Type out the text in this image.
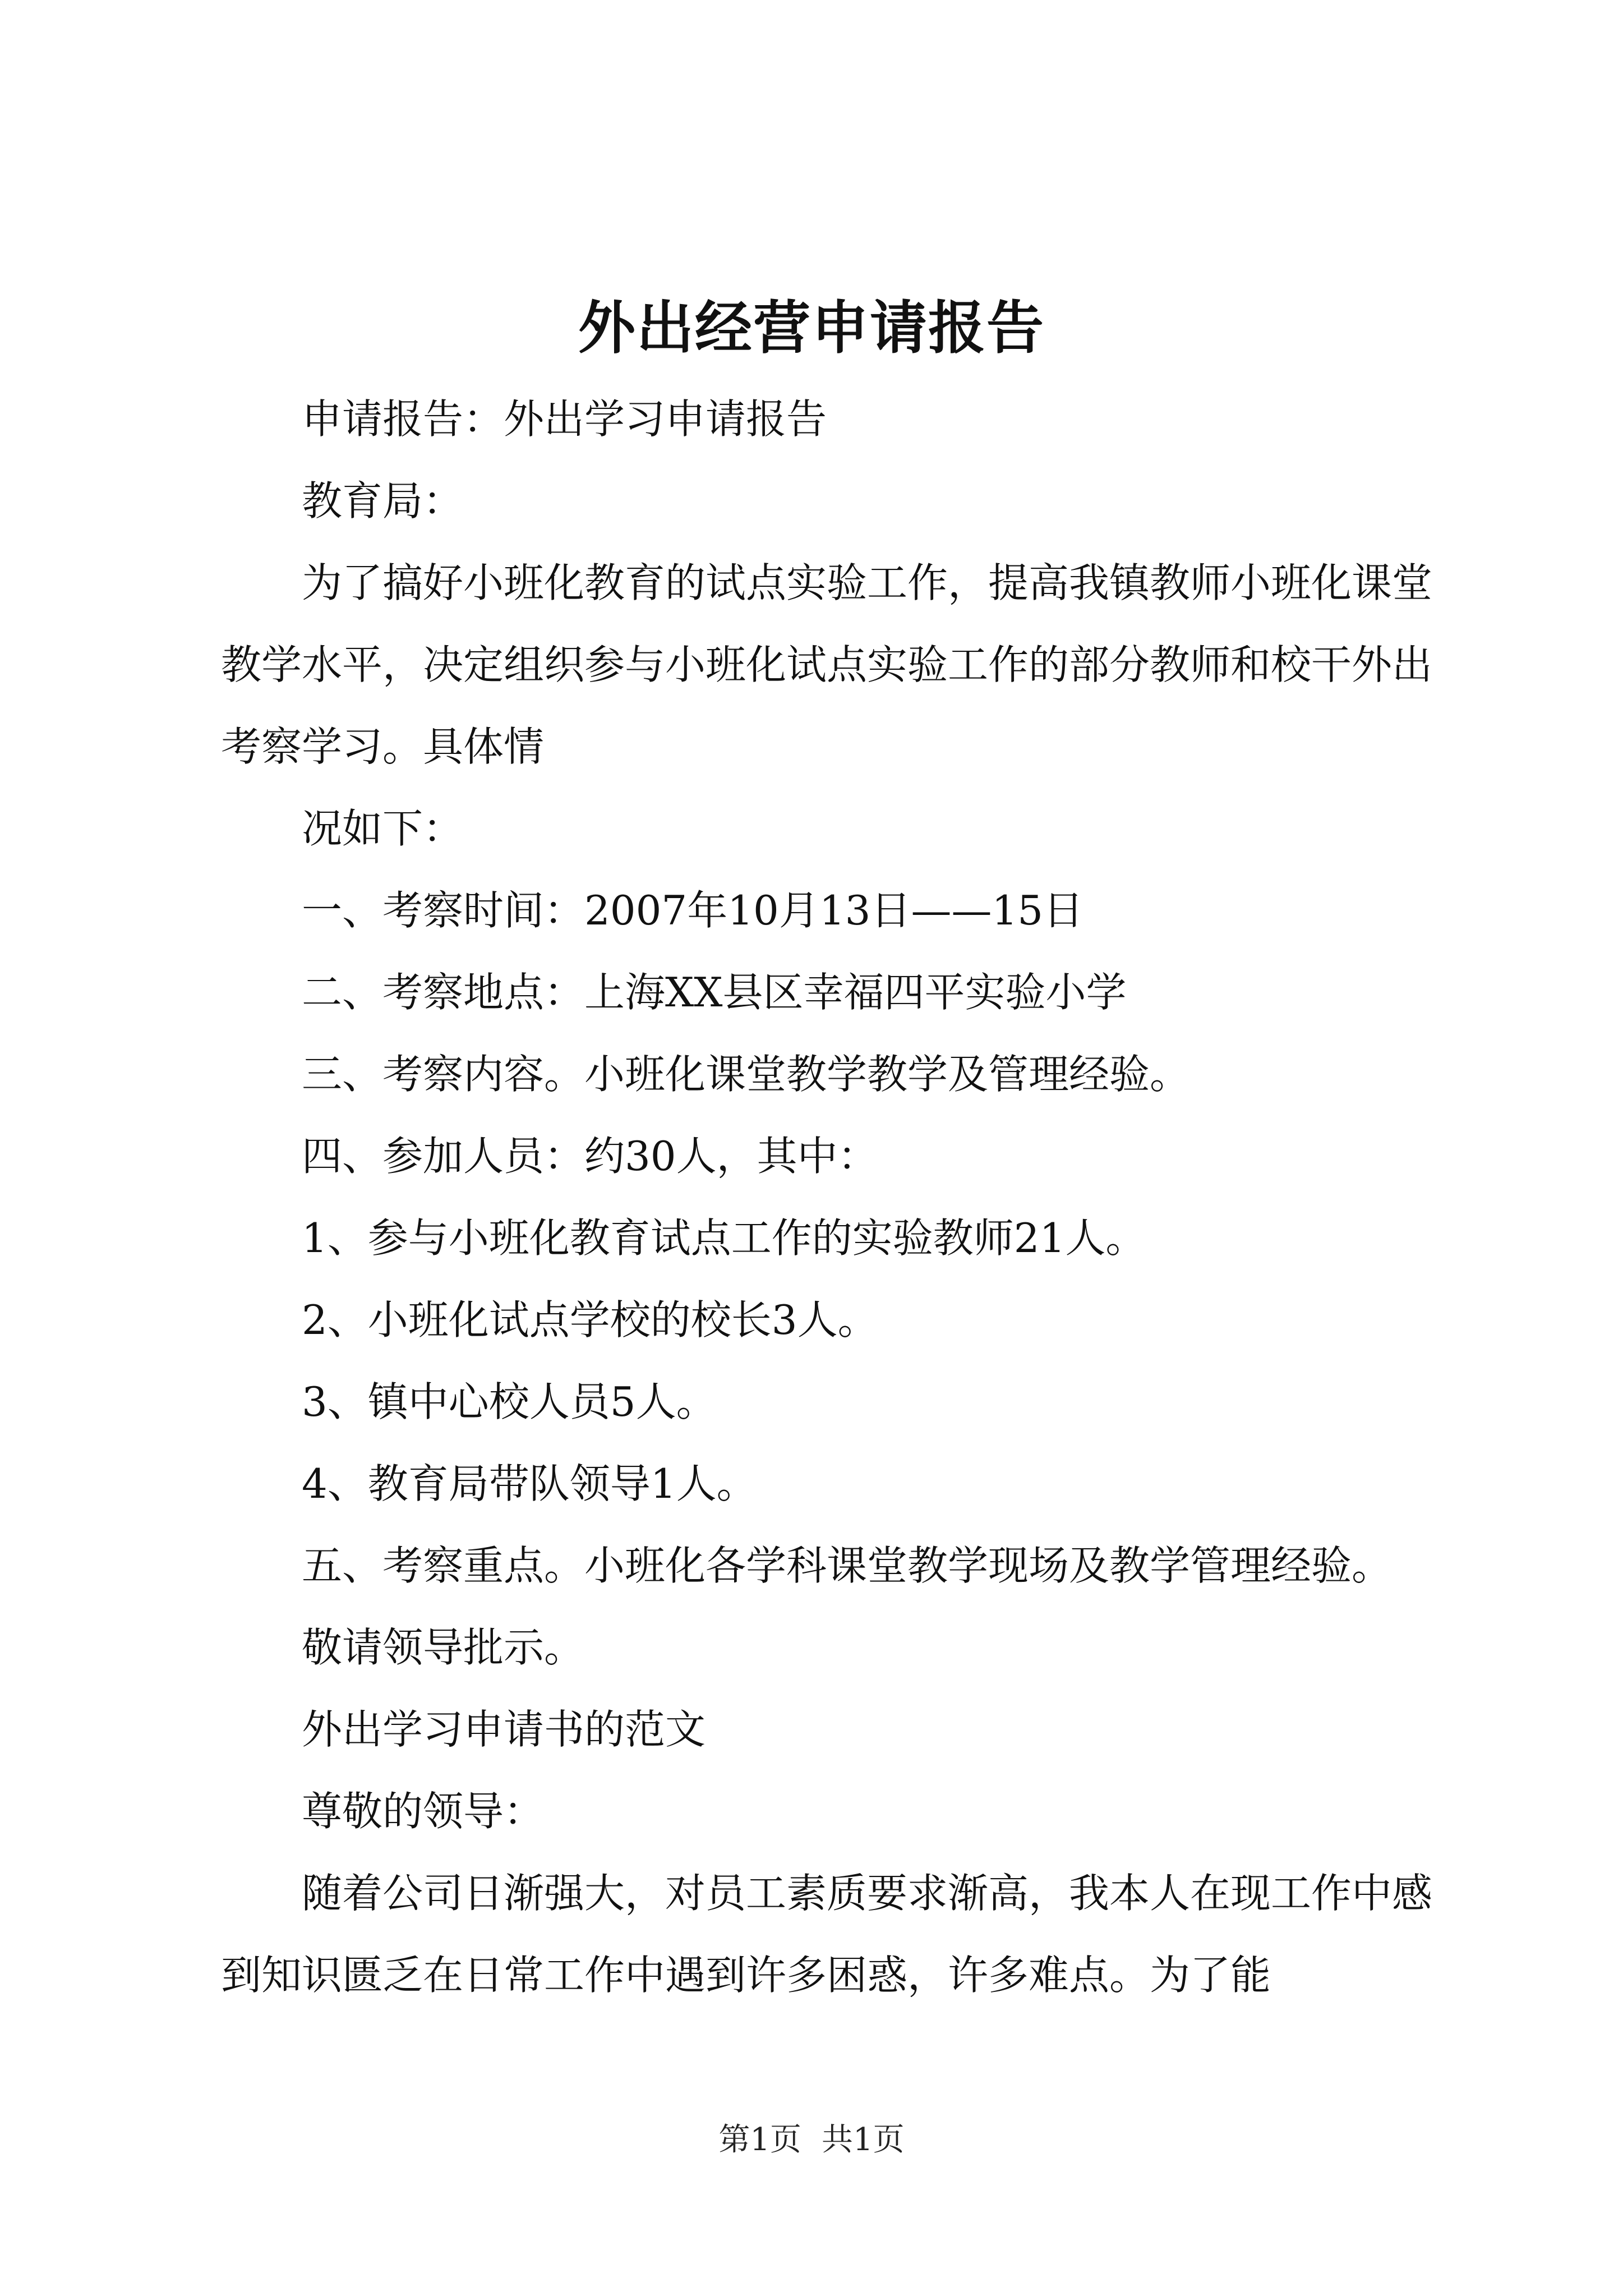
外出经营申请报告

申请报告：外出学习申请报告

教育局：

为了搞好小班化教育的试点实验工作，提高我镇教师小班化课堂教学水平，决定组织参与小班化试点实验工作的部分教师和校干外出考察学习。具体情

况如下：

一、考察时间：2007年10月13日——15日

二、考察地点：上海XX县区幸福四平实验小学

三、考察内容。小班化课堂教学教学及管理经验。

四、参加人员：约30人，其中：

1、参与小班化教育试点工作的实验教师21人。

2、小班化试点学校的校长3人。

3、镇中心校人员5人。

4、教育局带队领导1人。

五、考察重点。小班化各学科课堂教学现场及教学管理经验。

敬请领导批示。

外出学习申请书的范文

尊敬的领导：

随着公司日渐强大，对员工素质要求渐高，我本人在现工作中感到知识匮乏在日常工作中遇到许多困惑，许多难点。为了能

第1页 共1页
